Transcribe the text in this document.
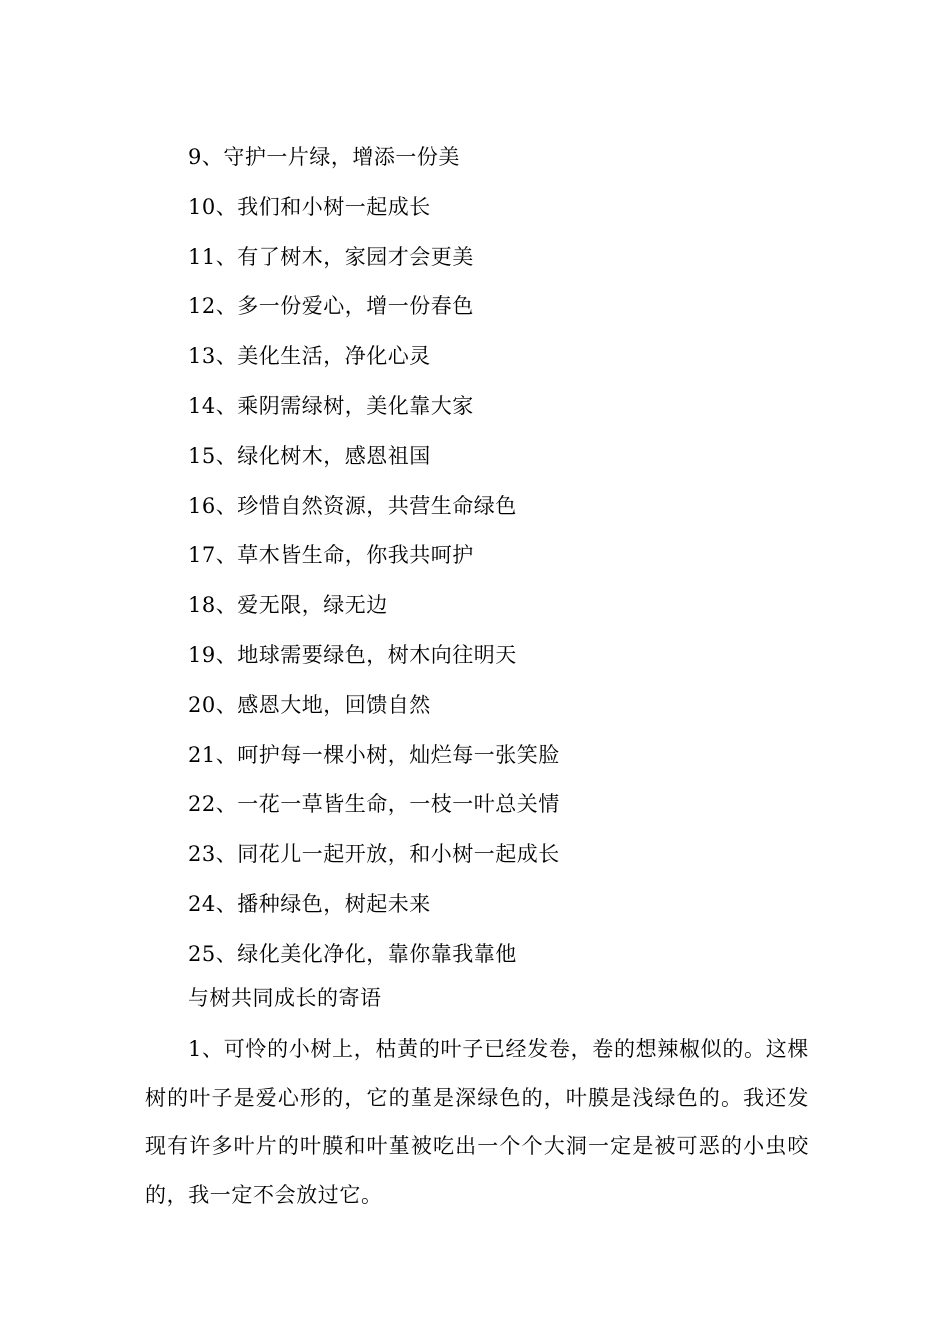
9、守护一片绿，增添一份美
10、我们和小树一起成长
11、有了树木，家园才会更美
12、多一份爱心，增一份春色
13、美化生活，净化心灵
14、乘阴需绿树，美化靠大家
15、绿化树木，感恩祖国
16、珍惜自然资源，共营生命绿色
17、草木皆生命，你我共呵护
18、爱无限，绿无边
19、地球需要绿色，树木向往明天
20、感恩大地，回馈自然
21、呵护每一棵小树，灿烂每一张笑脸
22、一花一草皆生命，一枝一叶总关情
23、同花儿一起开放，和小树一起成长
24、播种绿色，树起未来
25、绿化美化净化，靠你靠我靠他
与树共同成长的寄语

1、可怜的小树上，枯黄的叶子已经发卷，卷的想辣椒似的。这棵树的叶子是爱心形的，它的堇是深绿色的，叶膜是浅绿色的。我还发现有许多叶片的叶膜和叶堇被吃出一个个大洞一定是被可恶的小虫咬的，我一定不会放过它。
